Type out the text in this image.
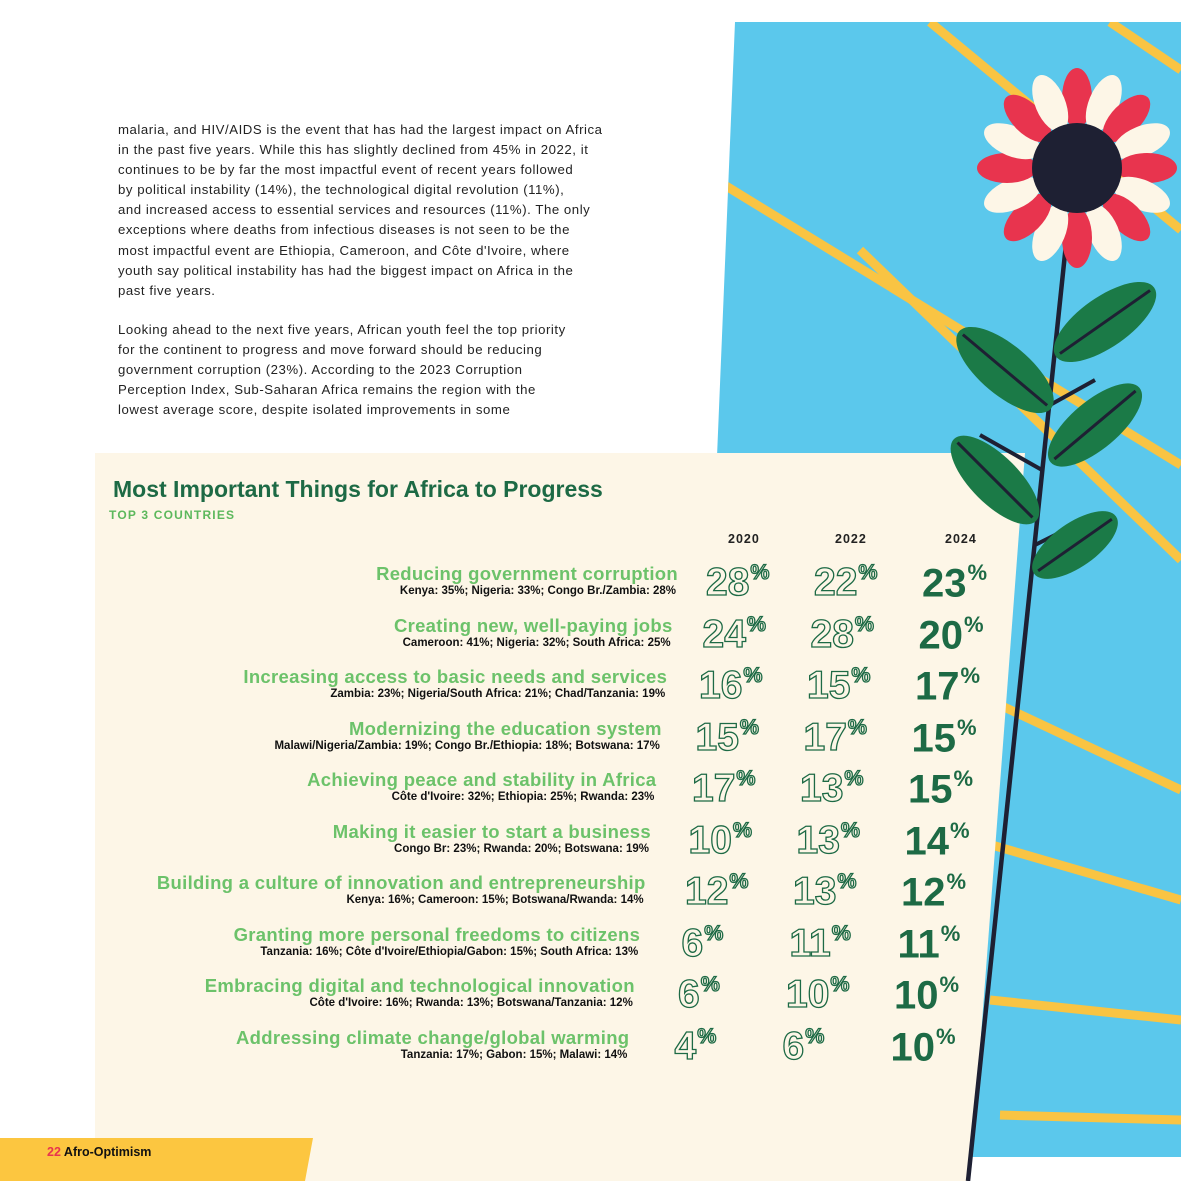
malaria, and HIV/AIDS is the event that has had the largest impact on Africa
in the past five years. While this has slightly declined from 45% in 2022, it
continues to be by far the most impactful event of recent years followed
by political instability (14%), the technological digital revolution (11%),
and increased access to essential services and resources (11%). The only
exceptions where deaths from infectious diseases is not seen to be the
most impactful event are Ethiopia, Cameroon, and Côte d'Ivoire, where
youth say political instability has had the biggest impact on Africa in the
past five years.
Looking ahead to the next five years, African youth feel the top priority
for the continent to progress and move forward should be reducing
government corruption (23%). According to the 2023 Corruption
Perception Index, Sub-Saharan Africa remains the region with the
lowest average score, despite isolated improvements in some
Most Important Things for Africa to Progress
TOP 3 COUNTRIES
2020	2022	2024
Reducing government corruption
Kenya: 35%; Nigeria: 33%; Congo Br./Zambia: 28% 28% 22% 23%
Creating new, well-paying jobs
Cameroon: 41%; Nigeria: 32%; South Africa: 25% 24% 28% 20%
Increasing access to basic needs and services
Zambia: 23%; Nigeria/South Africa: 21%; Chad/Tanzania: 19% 16% 15% 17%
Modernizing the education system
Malawi/Nigeria/Zambia: 19%; Congo Br./Ethiopia: 18%; Botswana: 17% 15% 17% 15%
Achieving peace and stability in Africa
Côte d'Ivoire: 32%; Ethiopia: 25%; Rwanda: 23% 17% 13% 15%
Making it easier to start a business
Congo Br: 23%; Rwanda: 20%; Botswana: 19% 10% 13% 14%
Building a culture of innovation and entrepreneurship
Kenya: 16%; Cameroon: 15%; Botswana/Rwanda: 14% 12% 13% 12%
Granting more personal freedoms to citizens
Tanzania: 16%; Côte d'Ivoire/Ethiopia/Gabon: 15%; South Africa: 13% 6% 11% 11%
Embracing digital and technological innovation
Côte d'Ivoire: 16%; Rwanda: 13%; Botswana/Tanzania: 12% 6% 10% 10%
Addressing climate change/global warming
Tanzania: 17%; Gabon: 15%; Malawi: 14% 4% 6% 10%
22 Afro-Optimism
